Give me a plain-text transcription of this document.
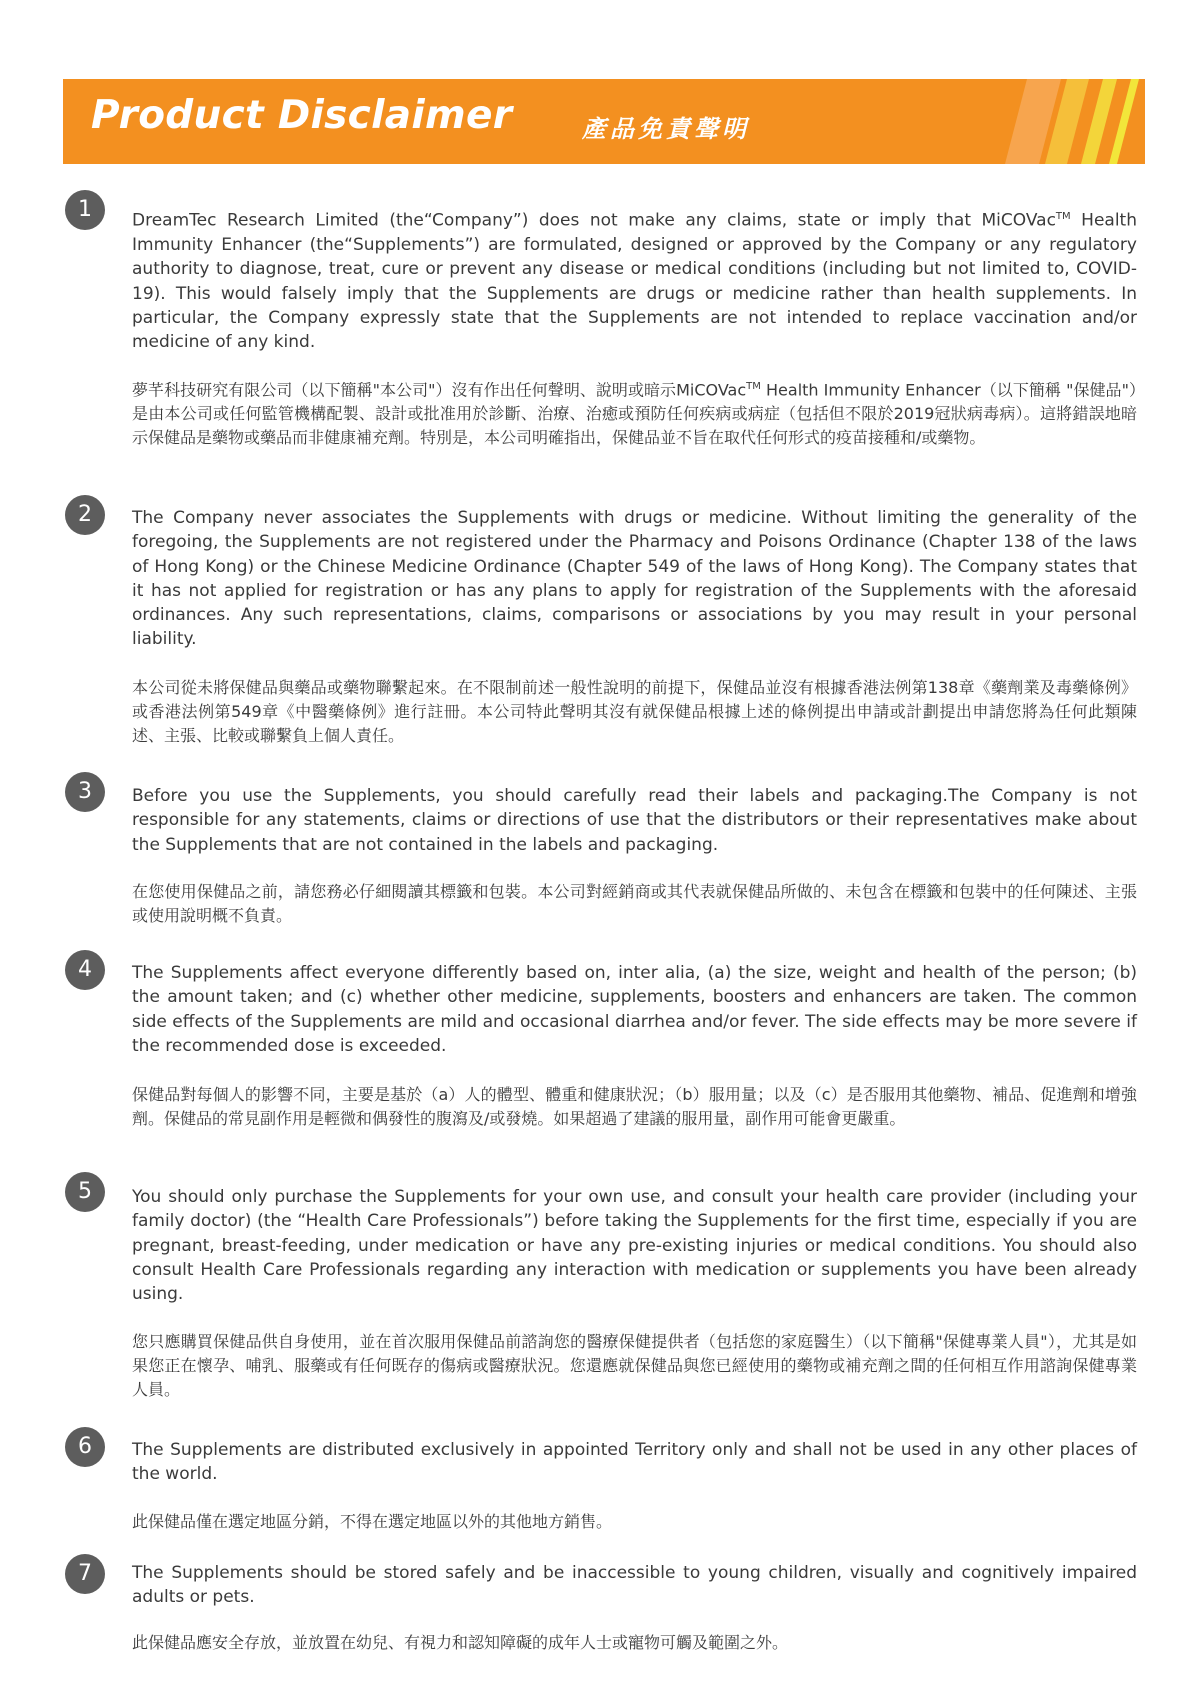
Product Disclaimer	產品免責聲明
1	DreamTec Research Limited (the“Company”) does not make any claims, state or imply that MiCOVac™ Health Immunity Enhancer (the“Supplements”) are formulated, designed or approved by the Company or any regulatory authority to diagnose, treat, cure or prevent any disease or medical conditions (including but not limited to, COVID-19). This would falsely imply that the Supplements are drugs or medicine rather than health supplements. In particular, the Company expressly state that the Supplements are not intended to replace vaccination and/or medicine of any kind.

夢芊科技研究有限公司（以下簡稱"本公司"）沒有作出任何聲明、說明或暗示MiCOVac™ Health Immunity Enhancer（以下簡稱 "保健品"）是由本公司或任何監管機構配製、設計或批准用於診斷、治療、治癒或預防任何疾病或病症（包括但不限於2019冠狀病毒病）。這將錯誤地暗示保健品是藥物或藥品而非健康補充劑。特別是，本公司明確指出，保健品並不旨在取代任何形式的疫苗接種和/或藥物。

2	The Company never associates the Supplements with drugs or medicine. Without limiting the generality of the foregoing, the Supplements are not registered under the Pharmacy and Poisons Ordinance (Chapter 138 of the laws of Hong Kong) or the Chinese Medicine Ordinance (Chapter 549 of the laws of Hong Kong). The Company states that it has not applied for registration or has any plans to apply for registration of the Supplements with the aforesaid ordinances. Any such representations, claims, comparisons or associations by you may result in your personal liability.

本公司從未將保健品與藥品或藥物聯繫起來。在不限制前述一般性說明的前提下，保健品並沒有根據香港法例第138章《藥劑業及毒藥條例》或香港法例第549章《中醫藥條例》進行註冊。本公司特此聲明其沒有就保健品根據上述的條例提出申請或計劃提出申請您將為任何此類陳述、主張、比較或聯繫負上個人責任。

3	Before you use the Supplements, you should carefully read their labels and packaging.The Company is not responsible for any statements, claims or directions of use that the distributors or their representatives make about the Supplements that are not contained in the labels and packaging.

在您使用保健品之前，請您務必仔細閱讀其標籤和包裝。本公司對經銷商或其代表就保健品所做的、未包含在標籤和包裝中的任何陳述、主張或使用說明概不負責。

4	The Supplements affect everyone differently based on, inter alia, (a) the size, weight and health of the person; (b) the amount taken; and (c) whether other medicine, supplements, boosters and enhancers are taken. The common side effects of the Supplements are mild and occasional diarrhea and/or fever. The side effects may be more severe if the recommended dose is exceeded.

保健品對每個人的影響不同，主要是基於（a）人的體型、體重和健康狀況；（b）服用量；以及（c）是否服用其他藥物、補品、促進劑和增強劑。保健品的常見副作用是輕微和偶發性的腹瀉及/或發燒。如果超過了建議的服用量，副作用可能會更嚴重。

5	You should only purchase the Supplements for your own use, and consult your health care provider (including your family doctor) (the “Health Care Professionals”) before taking the Supplements for the first time, especially if you are pregnant, breast-feeding, under medication or have any pre-existing injuries or medical conditions. You should also consult Health Care Professionals regarding any interaction with medication or supplements you have been already using.

您只應購買保健品供自身使用，並在首次服用保健品前諮詢您的醫療保健提供者（包括您的家庭醫生）（以下簡稱"保健專業人員"），尤其是如果您正在懷孕、哺乳、服藥或有任何既存的傷病或醫療狀況。您還應就保健品與您已經使用的藥物或補充劑之間的任何相互作用諮詢保健專業人員。

6	The Supplements are distributed exclusively in appointed Territory only and shall not be used in any other places of the world.

此保健品僅在選定地區分銷，不得在選定地區以外的其他地方銷售。

7	The Supplements should be stored safely and be inaccessible to young children, visually and cognitively impaired adults or pets.

此保健品應安全存放，並放置在幼兒、有視力和認知障礙的成年人士或寵物可觸及範圍之外。
